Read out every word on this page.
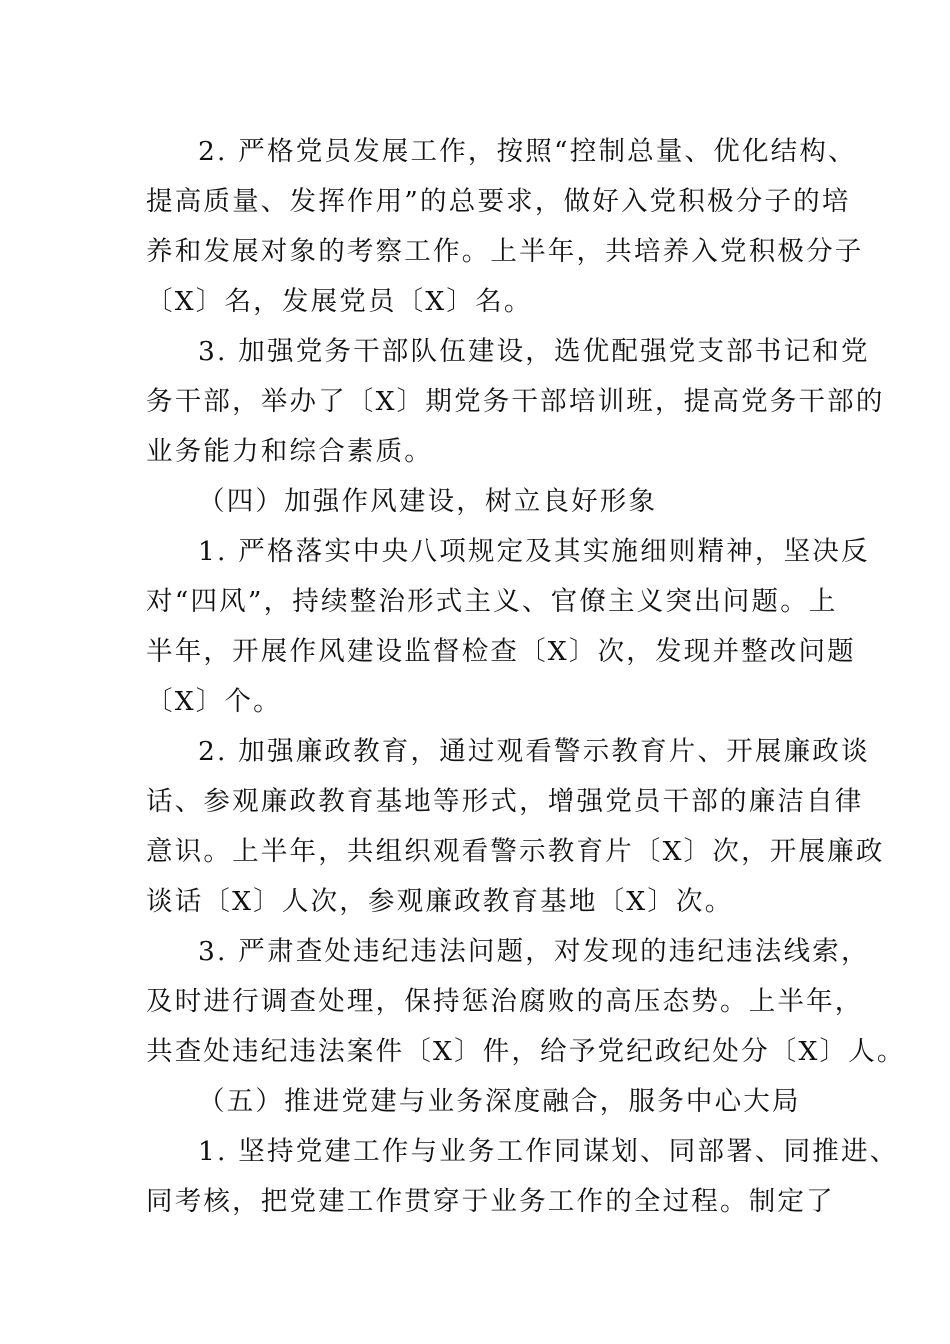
2. 严格党员发展工作，按照“控制总量、优化结构、
提高质量、发挥作用”的总要求，做好入党积极分子的培
养和发展对象的考察工作。上半年，共培养入党积极分子
〔X〕名，发展党员〔X〕名。
3. 加强党务干部队伍建设，选优配强党支部书记和党
务干部，举办了〔X〕期党务干部培训班，提高党务干部的
业务能力和综合素质。
（四）加强作风建设，树立良好形象
1. 严格落实中央八项规定及其实施细则精神，坚决反
对“四风”，持续整治形式主义、官僚主义突出问题。上
半年，开展作风建设监督检查〔X〕次，发现并整改问题
〔X〕个。
2. 加强廉政教育，通过观看警示教育片、开展廉政谈
话、参观廉政教育基地等形式，增强党员干部的廉洁自律
意识。上半年，共组织观看警示教育片〔X〕次，开展廉政
谈话〔X〕人次，参观廉政教育基地〔X〕次。
3. 严肃查处违纪违法问题，对发现的违纪违法线索，
及时进行调查处理，保持惩治腐败的高压态势。上半年，
共查处违纪违法案件〔X〕件，给予党纪政纪处分〔X〕人。
（五）推进党建与业务深度融合，服务中心大局
1. 坚持党建工作与业务工作同谋划、同部署、同推进、
同考核，把党建工作贯穿于业务工作的全过程。制定了
